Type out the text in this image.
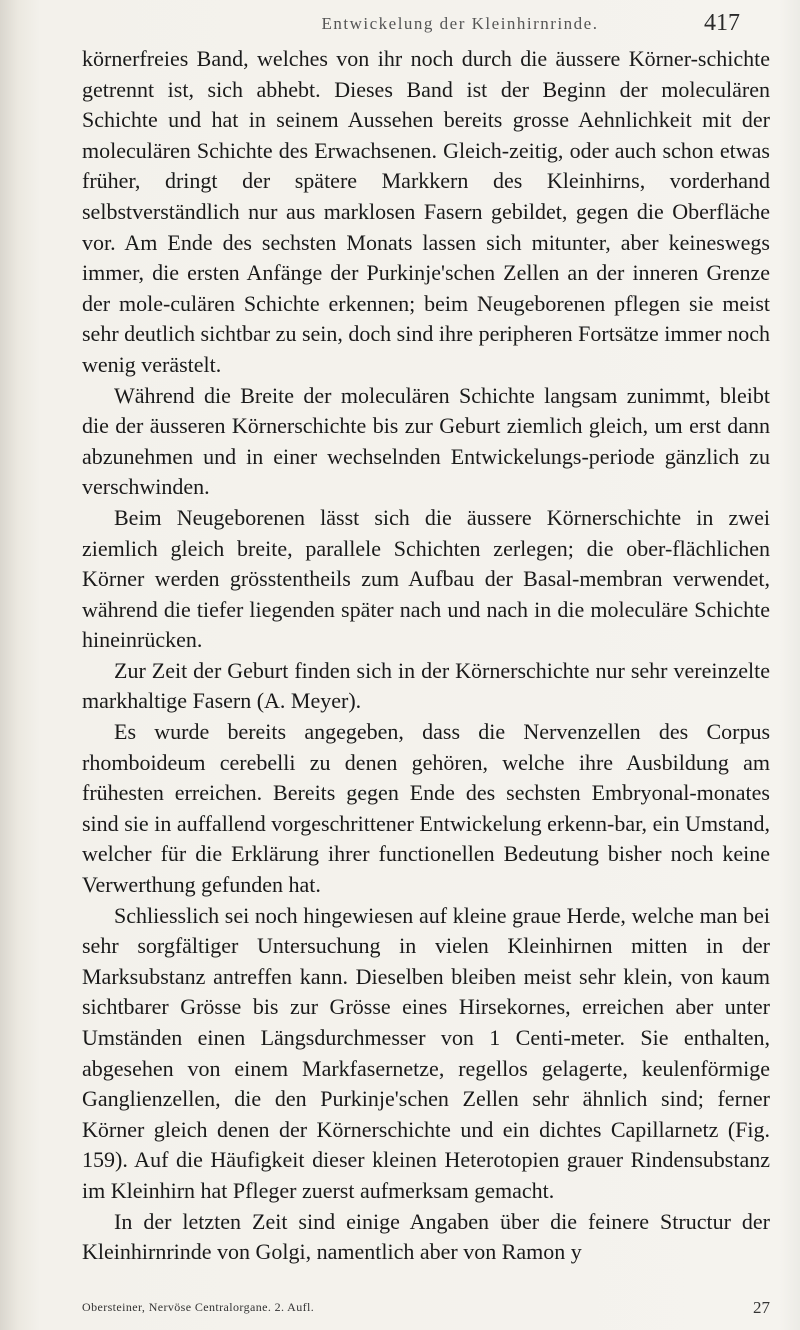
Entwickelung der Kleinhirnrinde.	417

körnerfreies Band, welches von ihr noch durch die äussere Körner-schichte getrennt ist, sich abhebt. Dieses Band ist der Beginn der moleculären Schichte und hat in seinem Aussehen bereits grosse Aehnlichkeit mit der moleculären Schichte des Erwachsenen. Gleich-zeitig, oder auch schon etwas früher, dringt der spätere Markkern des Kleinhirns, vorderhand selbstverständlich nur aus marklosen Fasern gebildet, gegen die Oberfläche vor. Am Ende des sechsten Monats lassen sich mitunter, aber keineswegs immer, die ersten Anfänge der Purkinje'schen Zellen an der inneren Grenze der mole-culären Schichte erkennen; beim Neugeborenen pflegen sie meist sehr deutlich sichtbar zu sein, doch sind ihre peripheren Fortsätze immer noch wenig verästelt.

Während die Breite der moleculären Schichte langsam zunimmt, bleibt die der äusseren Körnerschichte bis zur Geburt ziemlich gleich, um erst dann abzunehmen und in einer wechselnden Entwickelungs-periode gänzlich zu verschwinden.

Beim Neugeborenen lässt sich die äussere Körnerschichte in zwei ziemlich gleich breite, parallele Schichten zerlegen; die ober-flächlichen Körner werden grösstentheils zum Aufbau der Basal-membran verwendet, während die tiefer liegenden später nach und nach in die moleculäre Schichte hineinrücken.

Zur Zeit der Geburt finden sich in der Körnerschichte nur sehr vereinzelte markhaltige Fasern (A. Meyer).

Es wurde bereits angegeben, dass die Nervenzellen des Corpus rhomboideum cerebelli zu denen gehören, welche ihre Ausbildung am frühesten erreichen. Bereits gegen Ende des sechsten Embryonal-monates sind sie in auffallend vorgeschrittener Entwickelung erkenn-bar, ein Umstand, welcher für die Erklärung ihrer functionellen Bedeutung bisher noch keine Verwerthung gefunden hat.

Schliesslich sei noch hingewiesen auf kleine graue Herde, welche man bei sehr sorgfältiger Untersuchung in vielen Kleinhirnen mitten in der Marksubstanz antreffen kann. Dieselben bleiben meist sehr klein, von kaum sichtbarer Grösse bis zur Grösse eines Hirsekornes, erreichen aber unter Umständen einen Längsdurchmesser von 1 Centi-meter. Sie enthalten, abgesehen von einem Markfasernetze, regellos gelagerte, keulenförmige Ganglienzellen, die den Purkinje'schen Zellen sehr ähnlich sind; ferner Körner gleich denen der Körnerschichte und ein dichtes Capillarnetz (Fig. 159). Auf die Häufigkeit dieser kleinen Heterotopien grauer Rindensubstanz im Kleinhirn hat Pfleger zuerst aufmerksam gemacht.

In der letzten Zeit sind einige Angaben über die feinere Structur der Kleinhirnrinde von Golgi, namentlich aber von Ramon y

Obersteiner, Nervöse Centralorgane. 2. Aufl.	27
